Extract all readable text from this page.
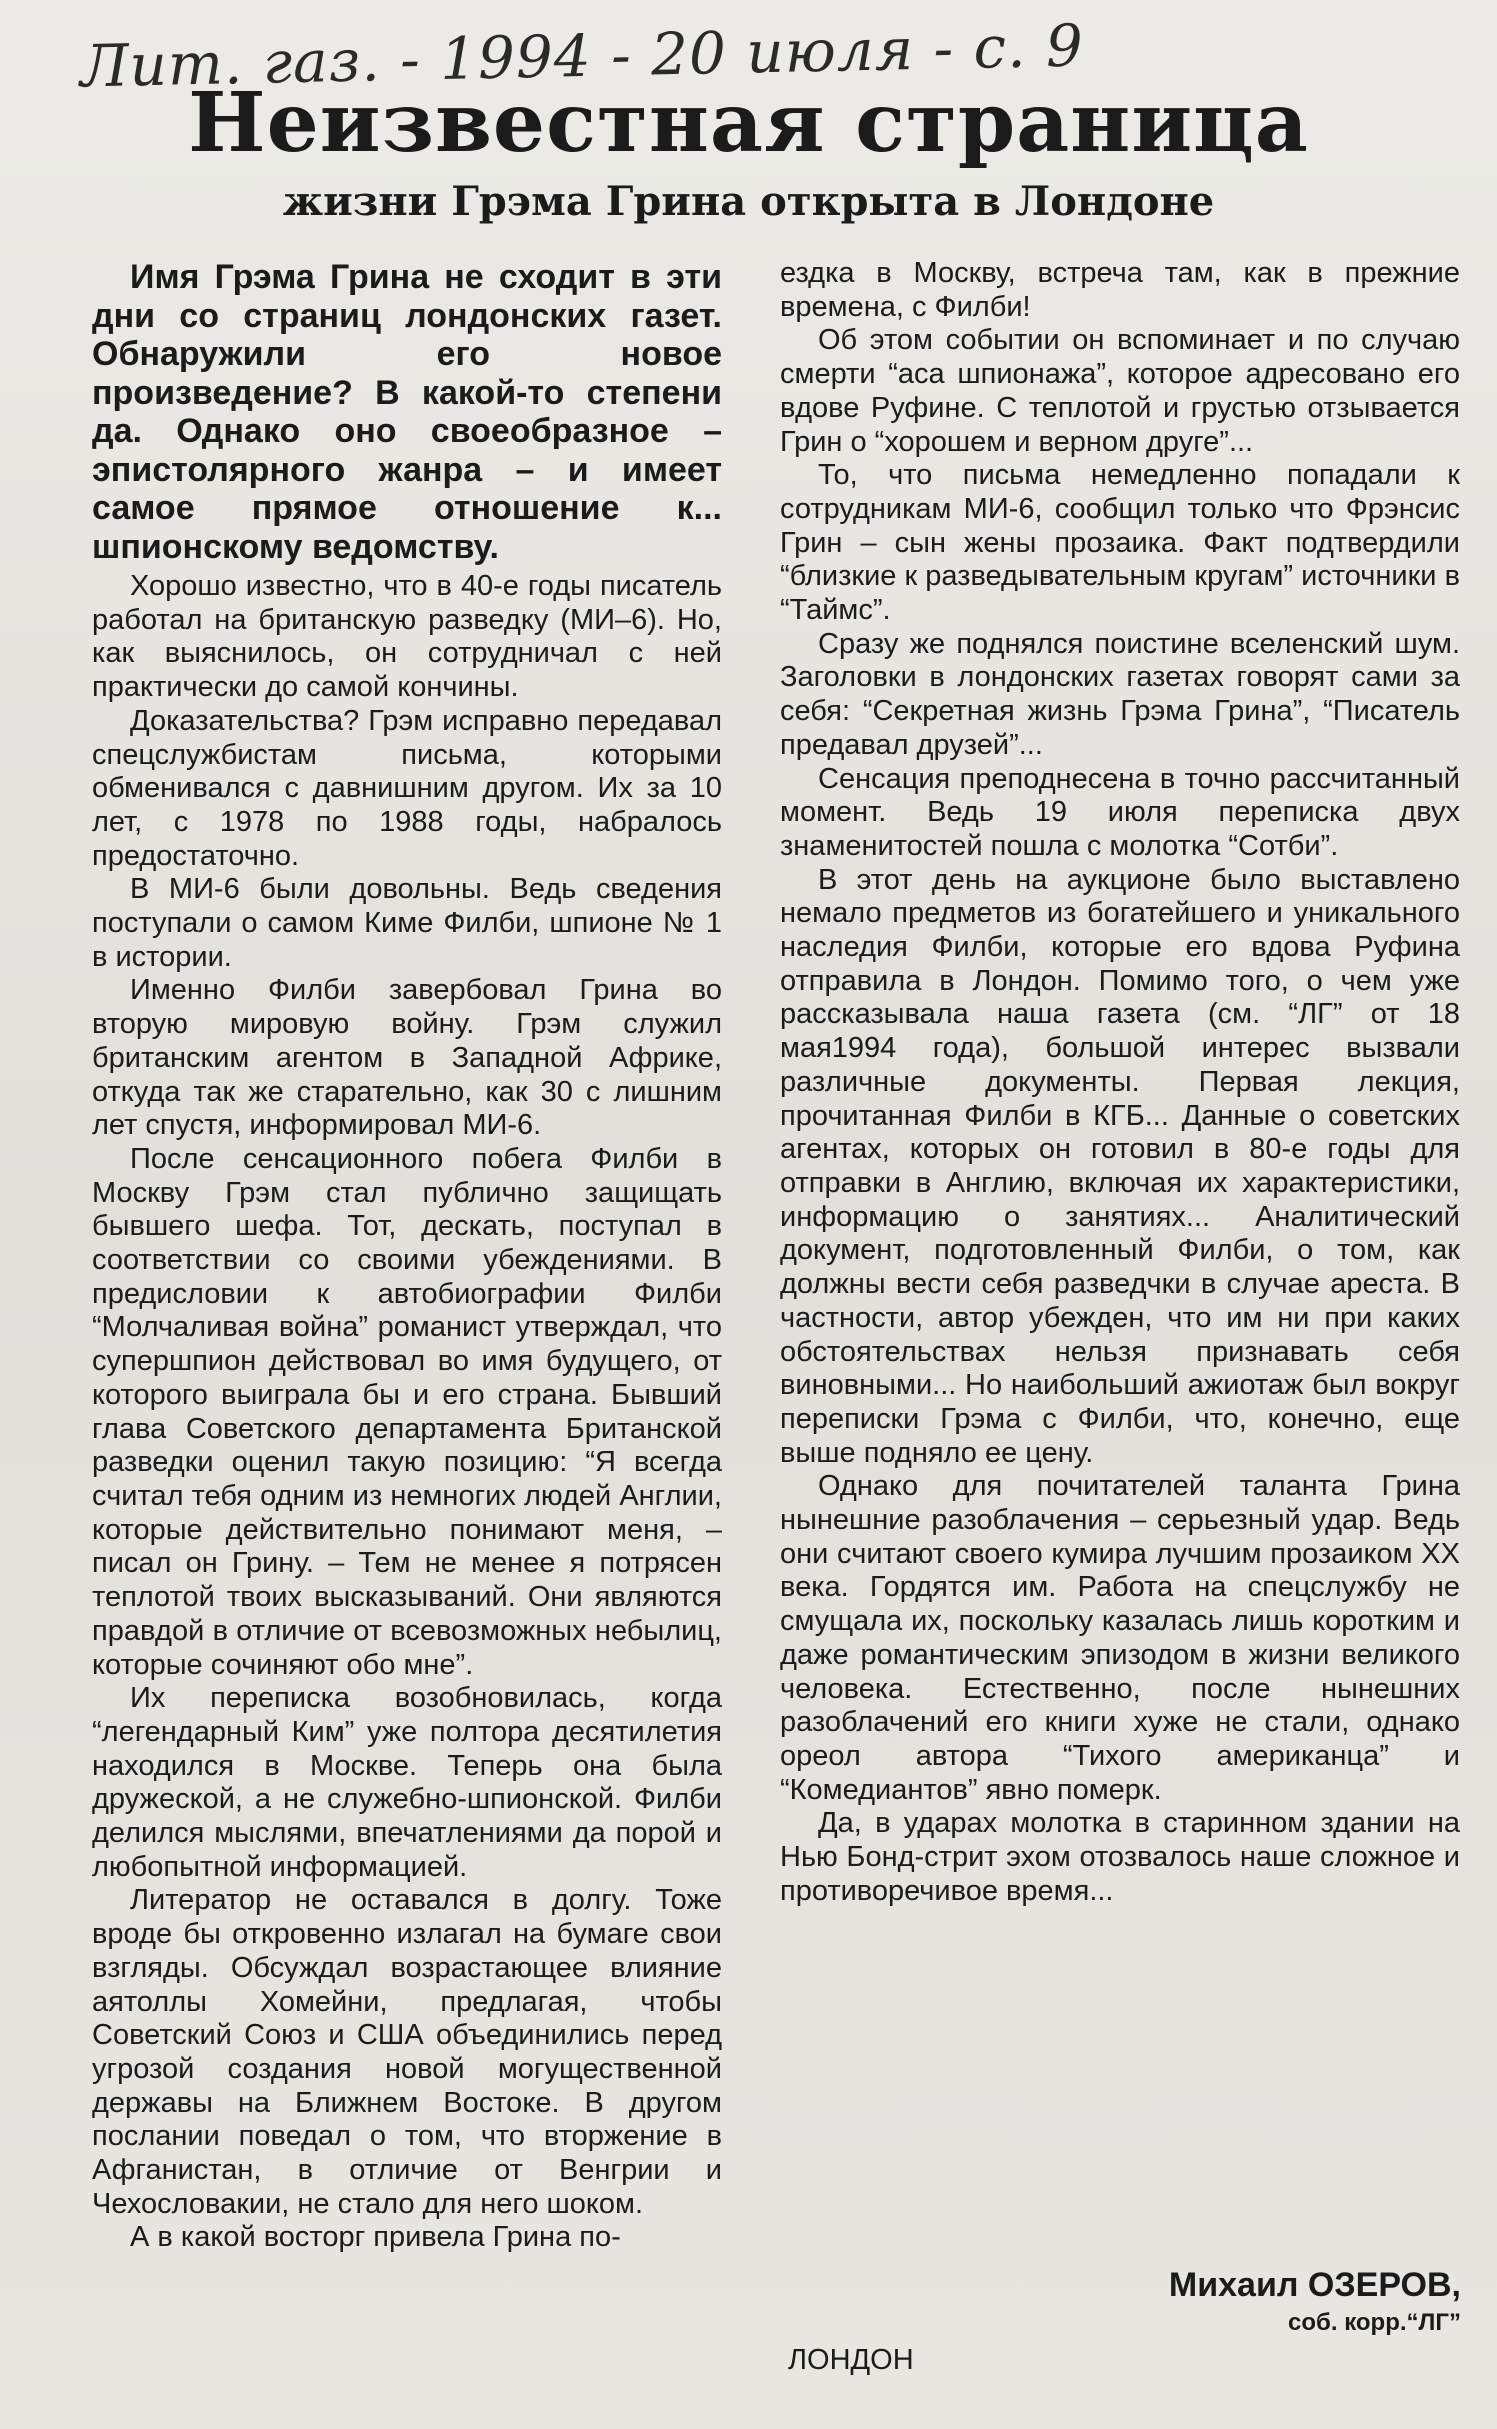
Лит. газ. - 1994 - 20 июля - с. 9
Неизвестная страница
жизни Грэма Грина открыта в Лондоне

Имя Грэма Грина не сходит в эти дни со страниц лондонских газет. Обнаружили его новое произведение? В какой-то степени да. Однако оно своеобразное – эпистолярного жанра – и имеет самое прямое отношение к... шпионскому ведомству.

Хорошо известно, что в 40-е годы писатель работал на британскую разведку (МИ–6). Но, как выяснилось, он сотрудничал с ней практически до самой кончины.

Доказательства? Грэм исправно передавал спецслужбистам письма, которыми обменивался с давнишним другом. Их за 10 лет, с 1978 по 1988 годы, набралось предостаточно.

В МИ-6 были довольны. Ведь сведения поступали о самом Киме Филби, шпионе № 1 в истории.

Именно Филби завербовал Грина во вторую мировую войну. Грэм служил британским агентом в Западной Африке, откуда так же старательно, как 30 с лишним лет спустя, информировал МИ-6.

После сенсационного побега Филби в Москву Грэм стал публично защищать бывшего шефа. Тот, дескать, поступал в соответствии со своими убеждениями. В предисловии к автобиографии Филби “Молчаливая война” романист утверждал, что супершпион действовал во имя будущего, от которого выиграла бы и его страна. Бывший глава Советского департамента Британской разведки оценил такую позицию: “Я всегда считал тебя одним из немногих людей Англии, которые действительно понимают меня, – писал он Грину. – Тем не менее я потрясен теплотой твоих высказываний. Они являются правдой в отличие от всевозможных небылиц, которые сочиняют обо мне”.

Их переписка возобновилась, когда “легендарный Ким” уже полтора десятилетия находился в Москве. Теперь она была дружеской, а не служебно-шпионской. Филби делился мыслями, впечатлениями да порой и любопытной информацией.

Литератор не оставался в долгу. Тоже вроде бы откровенно излагал на бумаге свои взгляды. Обсуждал возрастающее влияние аятоллы Хомейни, предлагая, чтобы Советский Союз и США объединились перед угрозой создания новой могущественной державы на Ближнем Востоке. В другом послании поведал о том, что вторжение в Афганистан, в отличие от Венгрии и Чехословакии, не стало для него шоком.

А в какой восторг привела Грина по-

ездка в Москву, встреча там, как в прежние времена, с Филби!

Об этом событии он вспоминает и по случаю смерти “аса шпионажа”, которое адресовано его вдове Руфине. С теплотой и грустью отзывается Грин о “хорошем и верном друге”...

То, что письма немедленно попадали к сотрудникам МИ-6, сообщил только что Фрэнсис Грин – сын жены прозаика. Факт подтвердили “близкие к разведывательным кругам” источники в “Таймс”.

Сразу же поднялся поистине вселенский шум. Заголовки в лондонских газетах говорят сами за себя: “Секретная жизнь Грэма Грина”, “Писатель предавал друзей”...

Сенсация преподнесена в точно рассчитанный момент. Ведь 19 июля переписка двух знаменитостей пошла с молотка “Сотби”.

В этот день на аукционе было выставлено немало предметов из богатейшего и уникального наследия Филби, которые его вдова Руфина отправила в Лондон. Помимо того, о чем уже рассказывала наша газета (см. “ЛГ” от 18 мая1994 года), большой интерес вызвали различные документы. Первая лекция, прочитанная Филби в КГБ... Данные о советских агентах, которых он готовил в 80-е годы для отправки в Англию, включая их характеристики, информацию о занятиях... Аналитический документ, подготовленный Филби, о том, как должны вести себя разведчки в случае ареста. В частности, автор убежден, что им ни при каких обстоятельствах нельзя признавать себя виновными... Но наибольший ажиотаж был вокруг переписки Грэма с Филби, что, конечно, еще выше подняло ее цену.

Однако для почитателей таланта Грина нынешние разоблачения – серьезный удар. Ведь они считают своего кумира лучшим прозаиком XX века. Гордятся им. Работа на спецслужбу не смущала их, поскольку казалась лишь коротким и даже романтическим эпизодом в жизни великого человека. Естественно, после нынешних разоблачений его книги хуже не стали, однако ореол автора “Тихого американца” и “Комедиантов” явно померк.

Да, в ударах молотка в старинном здании на Нью Бонд-стрит эхом отозвалось наше сложное и противоречивое время...

Михаил ОЗЕРОВ,
соб. корр.“ЛГ”
ЛОНДОН
